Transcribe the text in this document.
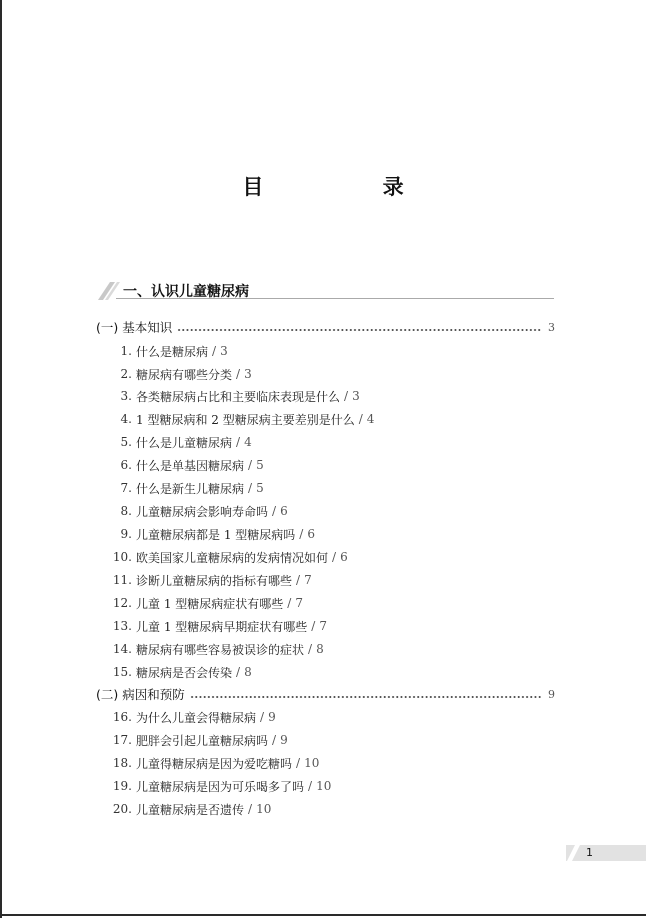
目 录
一、认识儿童糖尿病
(一) 基本知识	3
1. 什么是糖尿病 / 3
2. 糖尿病有哪些分类 / 3
3. 各类糖尿病占比和主要临床表现是什么 / 3
4. 1 型糖尿病和 2 型糖尿病主要差别是什么 / 4
5. 什么是儿童糖尿病 / 4
6. 什么是单基因糖尿病 / 5
7. 什么是新生儿糖尿病 / 5
8. 儿童糖尿病会影响寿命吗 / 6
9. 儿童糖尿病都是 1 型糖尿病吗 / 6
10. 欧美国家儿童糖尿病的发病情况如何 / 6
11. 诊断儿童糖尿病的指标有哪些 / 7
12. 儿童 1 型糖尿病症状有哪些 / 7
13. 儿童 1 型糖尿病早期症状有哪些 / 7
14. 糖尿病有哪些容易被误诊的症状 / 8
15. 糖尿病是否会传染 / 8
(二) 病因和预防	9
16. 为什么儿童会得糖尿病 / 9
17. 肥胖会引起儿童糖尿病吗 / 9
18. 儿童得糖尿病是因为爱吃糖吗 / 10
19. 儿童糖尿病是因为可乐喝多了吗 / 10
20. 儿童糖尿病是否遗传 / 10
1
